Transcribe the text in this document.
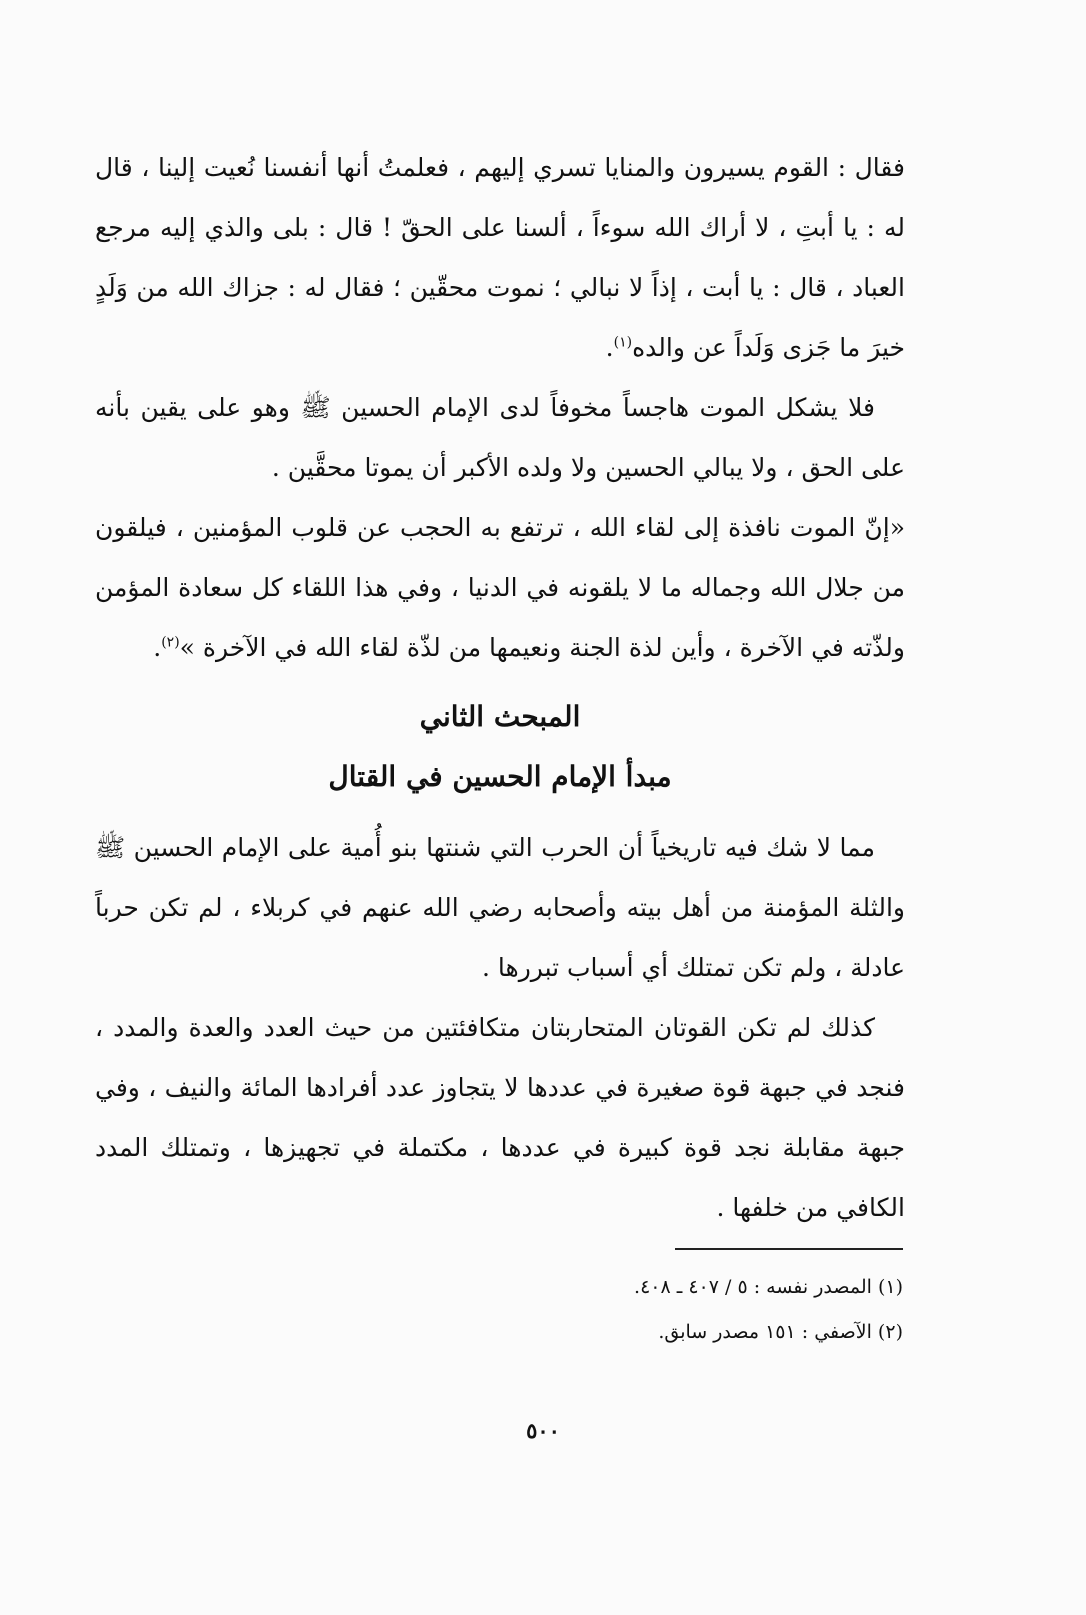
فقال : القوم يسيرون والمنايا تسري إليهم ، فعلمتُ أنها أنفسنا نُعيت إلينا ، قال له : يا أبتِ ، لا أراك الله سوءاً ، ألسنا على الحقّ ! قال : بلى والذي إليه مرجع العباد ، قال : يا أبت ، إذاً لا نبالي ؛ نموت محقّين ؛ فقال له : جزاك الله من وَلَدٍ خيرَ ما جَزى وَلَداً عن والده$^{(١)}$.

فلا يشكل الموت هاجساً مخوفاً لدى الإمام الحسين ﷺ وهو على يقين بأنه على الحق ، ولا يبالي الحسين ولا ولده الأكبر أن يموتا محقَّين .

«إنّ الموت نافذة إلى لقاء الله ، ترتفع به الحجب عن قلوب المؤمنين ، فيلقون من جلال الله وجماله ما لا يلقونه في الدنيا ، وفي هذا اللقاء كل سعادة المؤمن ولذّته في الآخرة ، وأين لذة الجنة ونعيمها من لذّة لقاء الله في الآخرة »$^{(٢)}$.

المبحث الثاني
مبدأ الإمام الحسين في القتال

مما لا شك فيه تاريخياً أن الحرب التي شنتها بنو أُمية على الإمام الحسين ﷺ والثلة المؤمنة من أهل بيته وأصحابه رضي الله عنهم في كربلاء ، لم تكن حرباً عادلة ، ولم تكن تمتلك أي أسباب تبررها .

كذلك لم تكن القوتان المتحاربتان متكافئتين من حيث العدد والعدة والمدد ، فنجد في جبهة قوة صغيرة في عددها لا يتجاوز عدد أفرادها المائة والنيف ، وفي جبهة مقابلة نجد قوة كبيرة في عددها ، مكتملة في تجهيزها ، وتمتلك المدد الكافي من خلفها .

(١) المصدر نفسه : ٥ / ٤٠٧ ـ ٤٠٨.

(٢) الآصفي : ١٥١ مصدر سابق.

٥٠٠
